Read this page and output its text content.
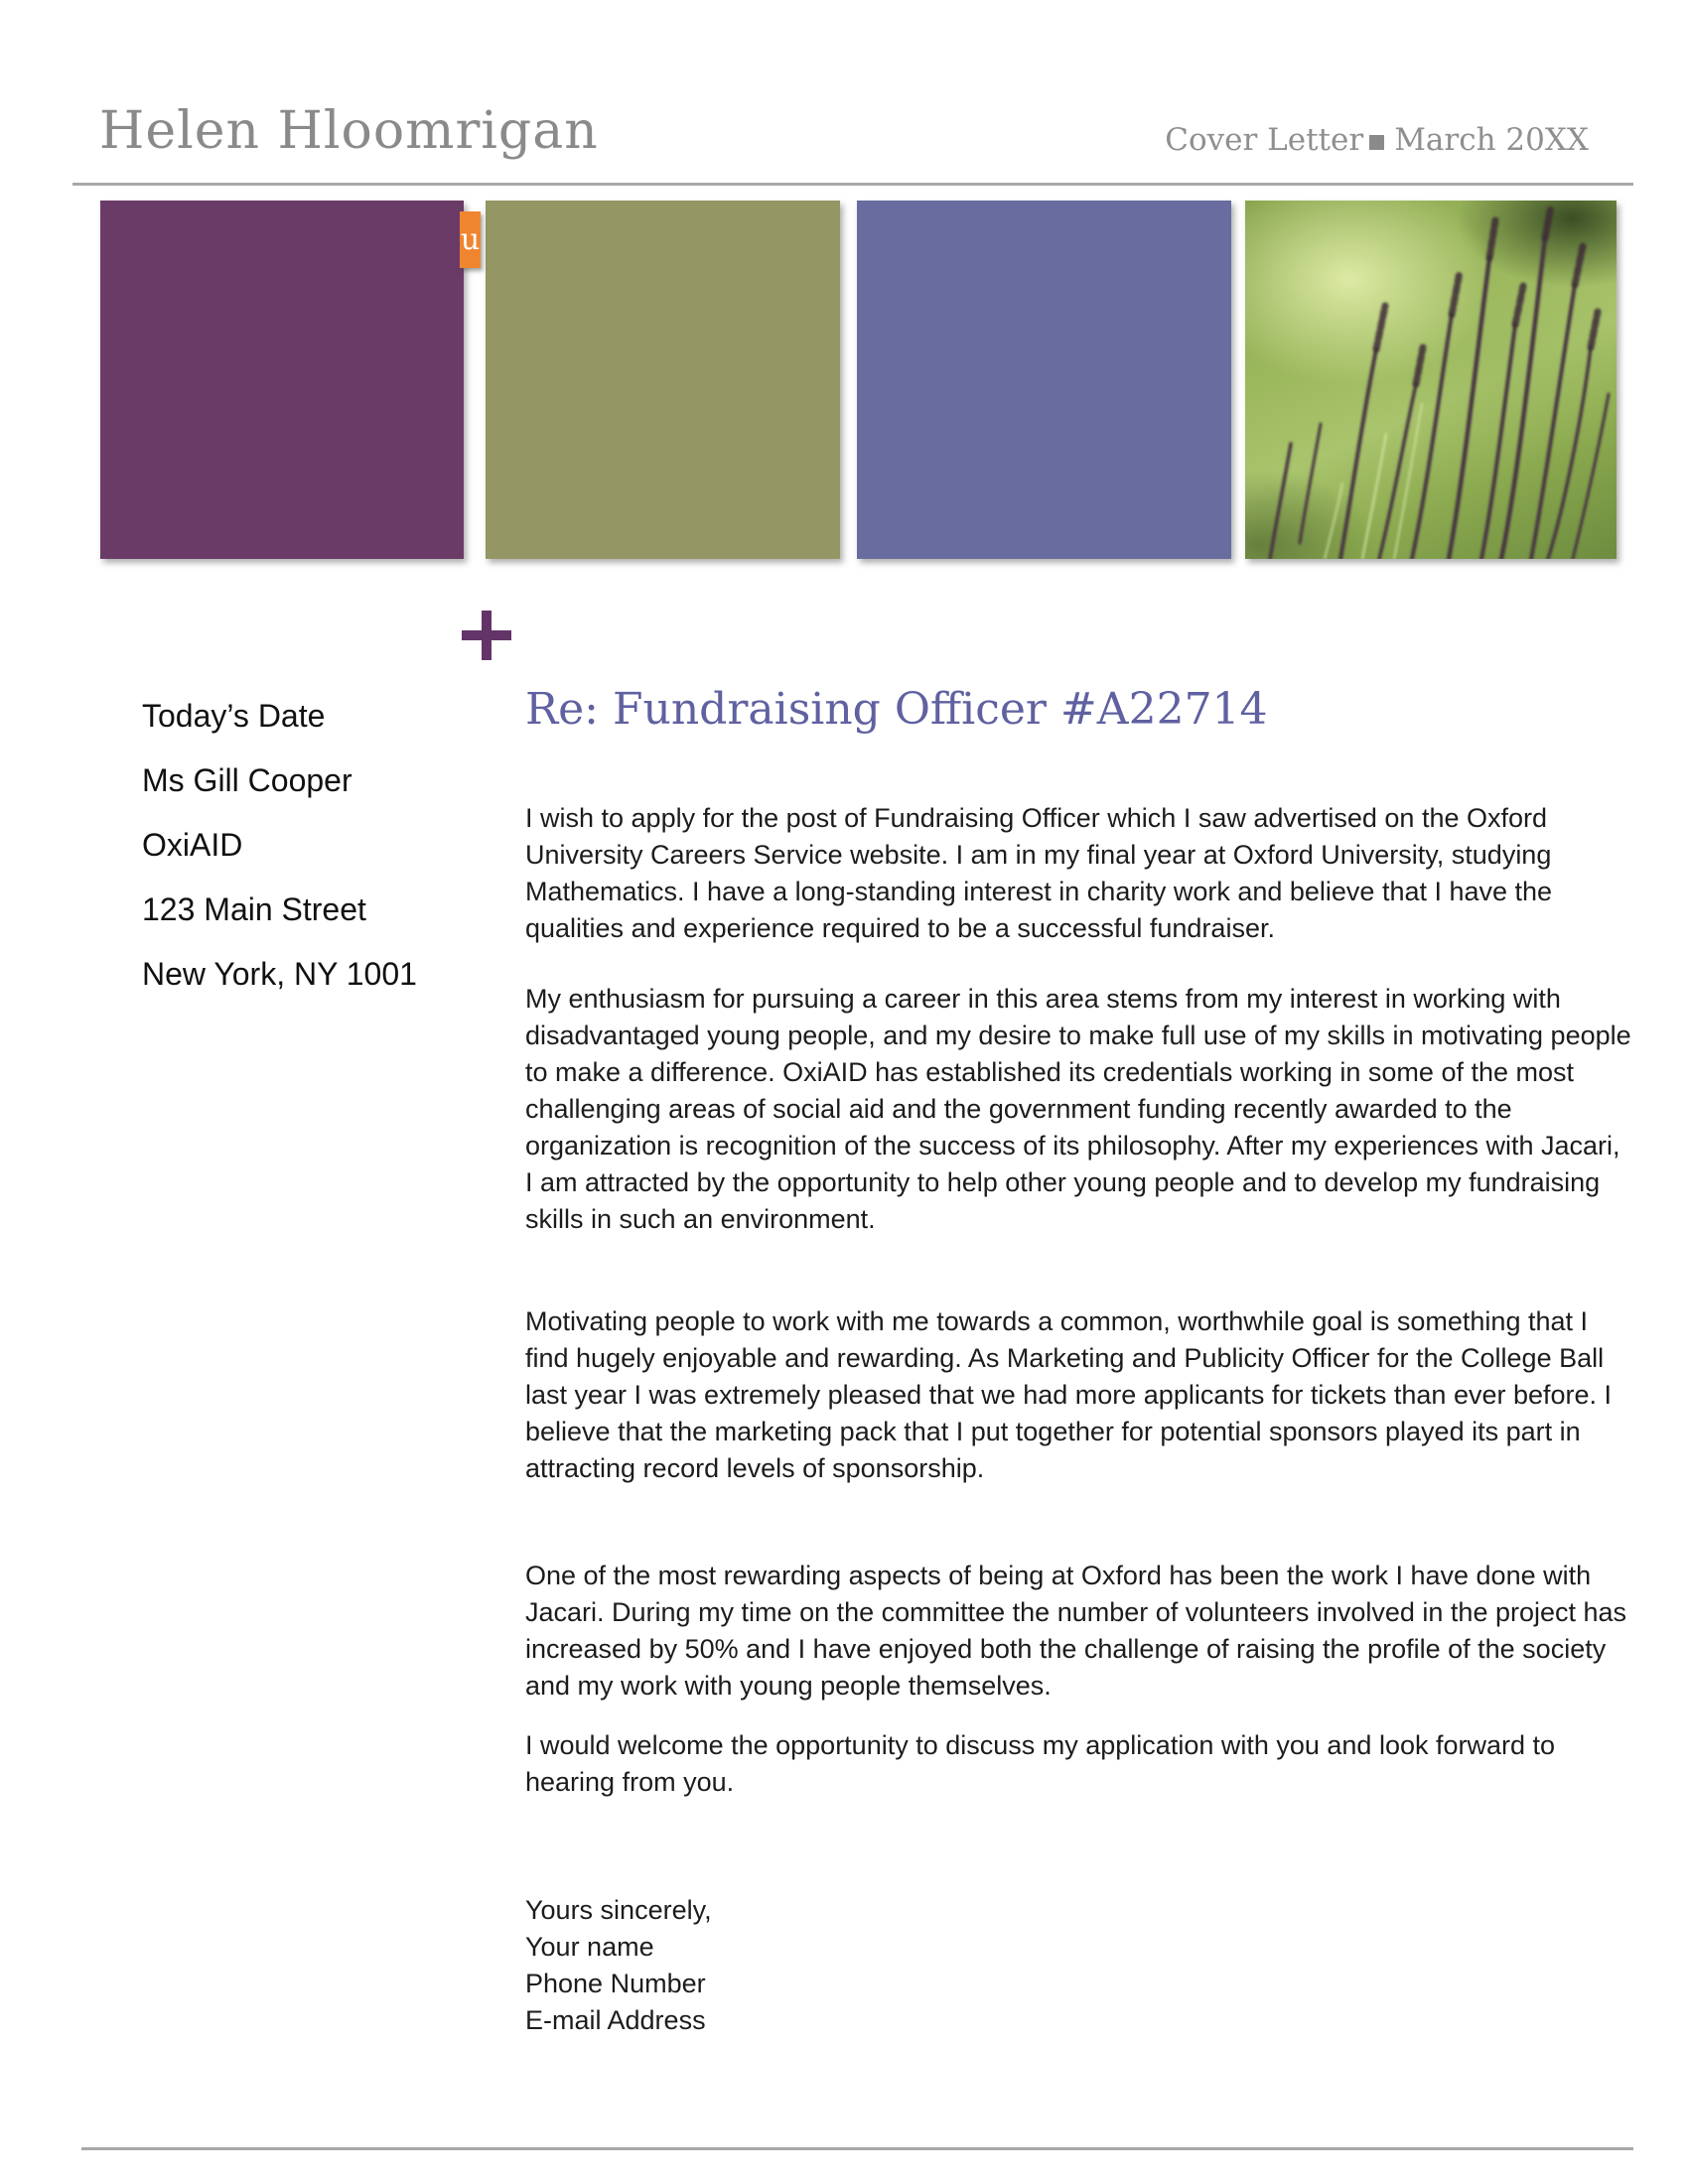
Helen Hloomrigan	Cover Letter March 20XX
u
Today’s Date
Ms Gill Cooper
OxiAID
123 Main Street
New York, NY 1001
Re: Fundraising Officer #A22714

I wish to apply for the post of Fundraising Officer which I saw advertised on the Oxford University Careers Service website. I am in my final year at Oxford University, studying Mathematics. I have a long-standing interest in charity work and believe that I have the qualities and experience required to be a successful fundraiser.

My enthusiasm for pursuing a career in this area stems from my interest in working with disadvantaged young people, and my desire to make full use of my skills in motivating people to make a difference. OxiAID has established its credentials working in some of the most challenging areas of social aid and the government funding recently awarded to the organization is recognition of the success of its philosophy. After my experiences with Jacari, I am attracted by the opportunity to help other young people and to develop my fundraising skills in such an environment.

Motivating people to work with me towards a common, worthwhile goal is something that I find hugely enjoyable and rewarding. As Marketing and Publicity Officer for the College Ball last year I was extremely pleased that we had more applicants for tickets than ever before. I believe that the marketing pack that I put together for potential sponsors played its part in attracting record levels of sponsorship.

One of the most rewarding aspects of being at Oxford has been the work I have done with Jacari. During my time on the committee the number of volunteers involved in the project has increased by 50% and I have enjoyed both the challenge of raising the profile of the society and my work with young people themselves.

I would welcome the opportunity to discuss my application with you and look forward to hearing from you.

Yours sincerely,
Your name
Phone Number
E-mail Address
